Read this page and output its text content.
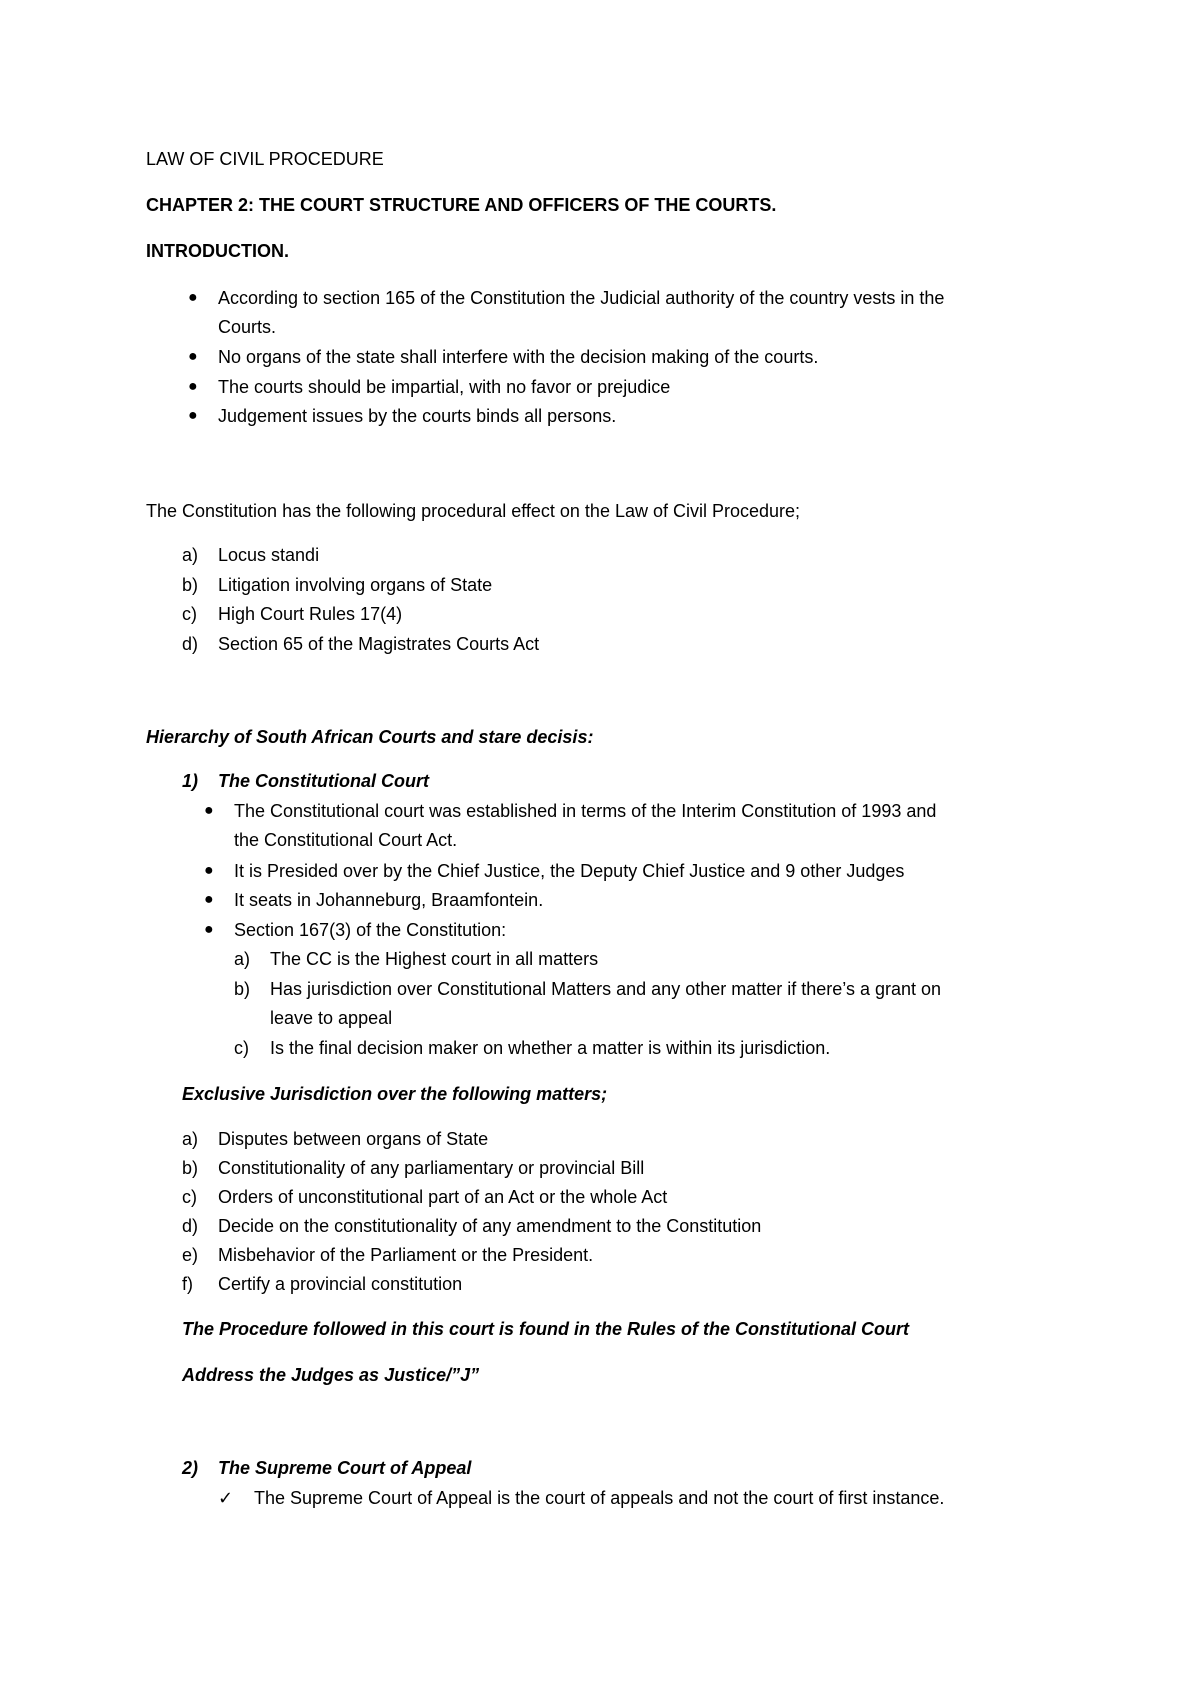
LAW OF CIVIL PROCEDURE
CHAPTER 2: THE COURT STRUCTURE AND OFFICERS OF THE COURTS.
INTRODUCTION.
● According to section 165 of the Constitution the Judicial authority of the country vests in the
Courts.
● No organs of the state shall interfere with the decision making of the courts.
● The courts should be impartial, with no favor or prejudice
● Judgement issues by the courts binds all persons.
The Constitution has the following procedural effect on the Law of Civil Procedure;
a) Locus standi
b) Litigation involving organs of State
c) High Court Rules 17(4)
d) Section 65 of the Magistrates Courts Act
Hierarchy of South African Courts and stare decisis:
1) The Constitutional Court
● The Constitutional court was established in terms of the Interim Constitution of 1993 and
the Constitutional Court Act.
● It is Presided over by the Chief Justice, the Deputy Chief Justice and 9 other Judges
● It seats in Johanneburg, Braamfontein.
● Section 167(3) of the Constitution:
a) The CC is the Highest court in all matters
b) Has jurisdiction over Constitutional Matters and any other matter if there’s a grant on
leave to appeal
c) Is the final decision maker on whether a matter is within its jurisdiction.
Exclusive Jurisdiction over the following matters;
a) Disputes between organs of State
b) Constitutionality of any parliamentary or provincial Bill
c) Orders of unconstitutional part of an Act or the whole Act
d) Decide on the constitutionality of any amendment to the Constitution
e) Misbehavior of the Parliament or the President.
f) Certify a provincial constitution
The Procedure followed in this court is found in the Rules of the Constitutional Court
Address the Judges as Justice/”J”
2) The Supreme Court of Appeal
✓ The Supreme Court of Appeal is the court of appeals and not the court of first instance.
